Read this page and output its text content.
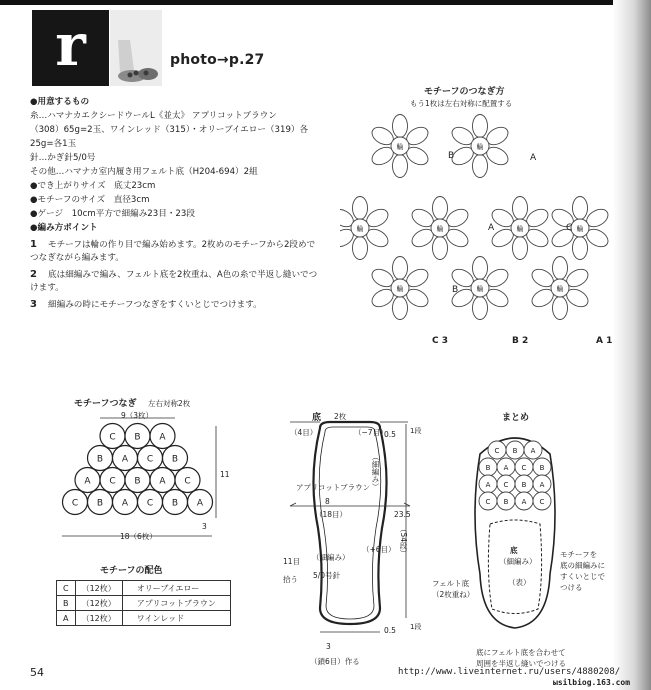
r	photo→p.27
●用意するもの
糸…ハマナカエクシードウールL《並太》 アプリコットブラウン
（308）65g=2玉、ワインレッド（315）・オリーブイエロー（319）各
25g=各1玉
針…かぎ針5/0号
その他…ハマナカ室内履き用フェルト底（H204-694）2組
●でき上がりサイズ　底丈23cm
●モチーフのサイズ　直径3cm
●ゲージ　10cm平方で細編み23目・23段
●編み方ポイント
1 モチーフは輪の作り目で編み始めます。2枚めのモチーフから2段めでつなぎながら編みます。
2 底は細編みで編み、フェルト底を2枚重ね、A色の糸で半返し縫いでつけます。
3 細編みの時にモチーフつなぎをすくいとじでつけます。
モチーフのつなぎ方
もう1枚は左右対称に配置する
輪	輪
輪	輪	輪	輪
輪	輪	輪
B	A
A	C
B
C 3	B 2	A 1
モチーフつなぎ 左右対称2枚
C B A
B A C B
A C B A C
C B A C B A
9（3枚）
11
3
18（6枚）
モチーフの配色
C	（12枚）	オリーブイエロー
B	（12枚）	アプリコットブラウン
A	（12枚）	ワインレッド
底 2枚
（4目）	（−7目）
0.5 1段
（細編み）
アプリコットブラウン
8
（18目）	23.5
（54段）
（細編み）
5/0号針
（+6目）
11目
拾う
0.5 1段
3
（鎖6目）作る
まとめ
C B A
B A C B
A C B A
C B A C
底
（細編み）
（表）
フェルト底
（2枚重ね）
モチーフを
底の細編みに
すくいとじで
つける
底にフェルト底を合わせて
周囲を半返し縫いでつける
54	http://www.liveinternet.ru/users/4880208/
ыsilbiog.163.com
